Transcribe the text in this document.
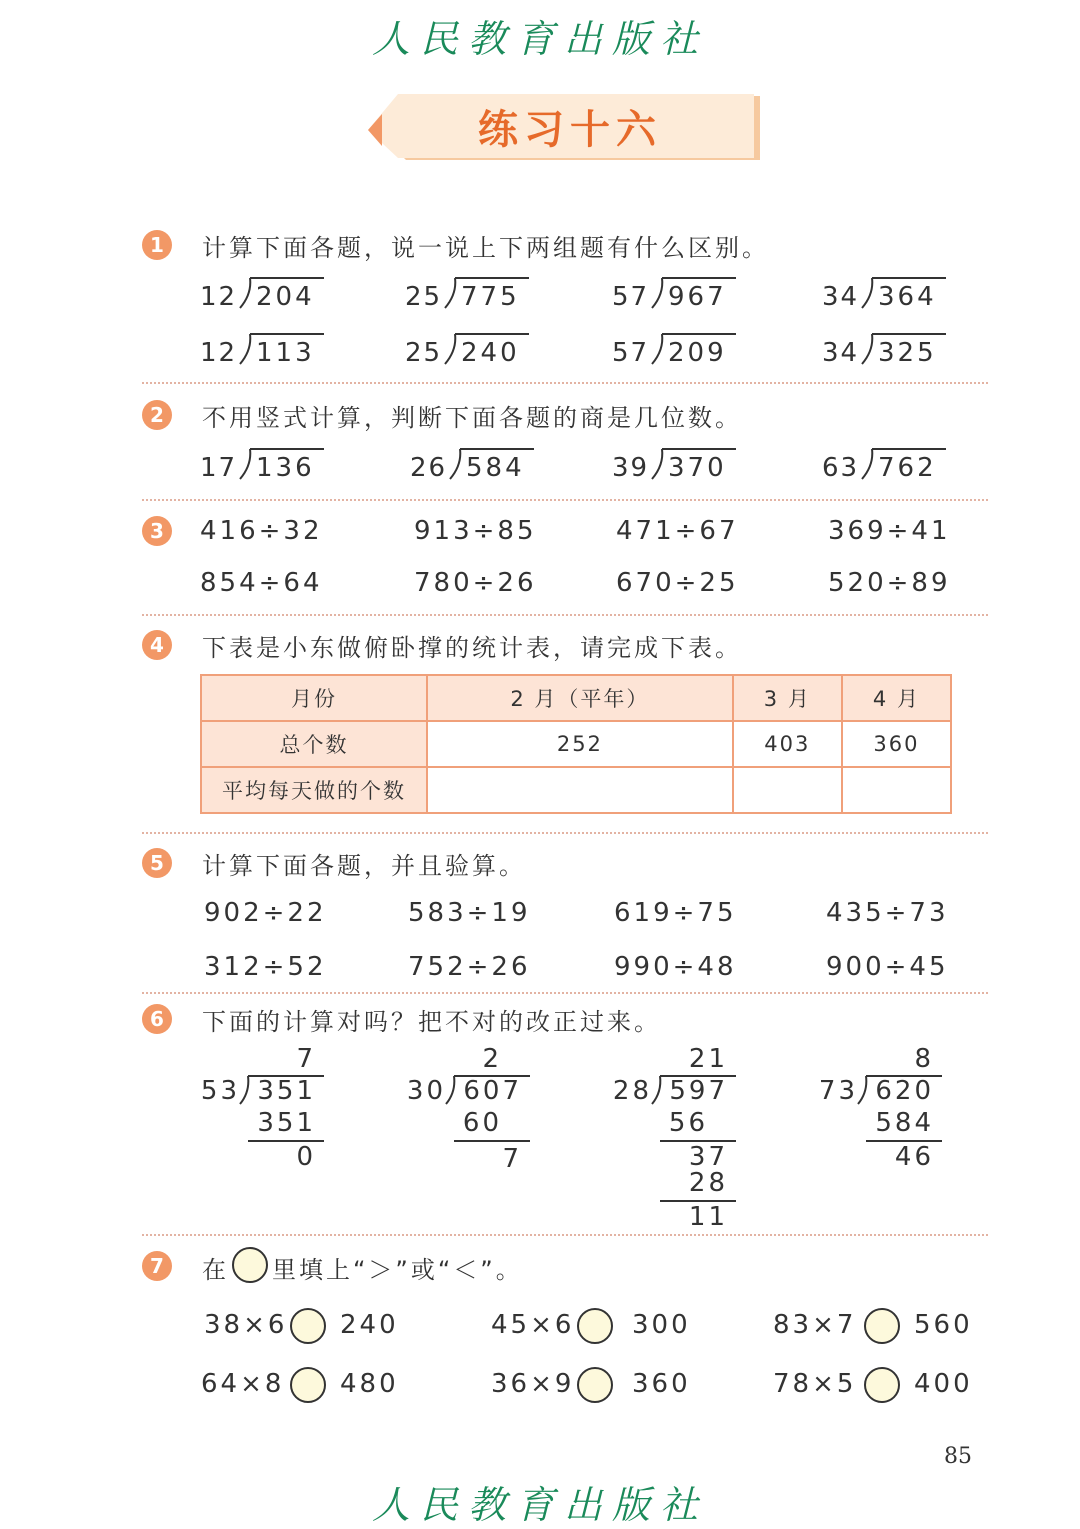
人民教育出版社
练习十六
1	计算下面各题，说一说上下两组题有什么区别。
12 204	25 775	57 967	34 364
12 113	25 240	57 209	34 325
2	不用竖式计算，判断下面各题的商是几位数。
17 136	26 584	39 370	63 762
3	416÷32	913÷85	471÷67	369÷41
854÷64	780÷26	670÷25	520÷89
4	下表是小东做俯卧撑的统计表，请完成下表。
月份	2 月（平年）	3 月	4 月
总个数	252	403	360
平均每天做的个数			
5	计算下面各题，并且验算。
902÷22	583÷19	619÷75	435÷73
312÷52	752÷26	990÷48	900÷45
6	下面的计算对吗？把不对的改正过来。
7
53 351
351
0
2
30 607
60
7
21
28 597
56
37
28
11
8
73 620
584
46
7	在 里填上“＞”或“＜”。
38×6 240	45×6 300	83×7 560
64×8 480	36×9 360	78×5 400
85
人民教育出版社
